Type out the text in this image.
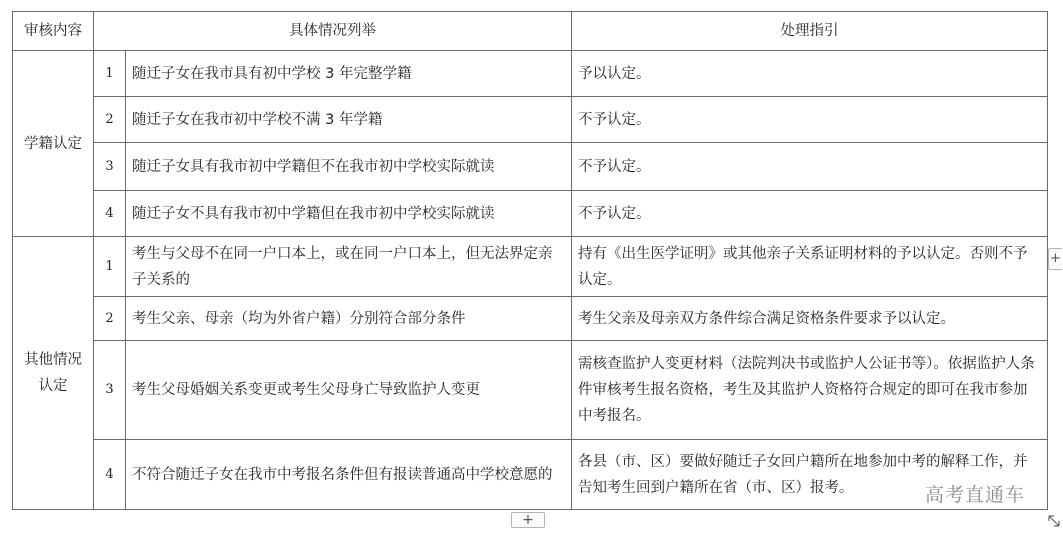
审核内容	具体情况列举		处理指引
学籍认定	1	随迁子女在我市具有初中学校 3 年完整学籍	予以认定。
	2	随迁子女在我市初中学校不满 3 年学籍	不予认定。
	3	随迁子女具有我市初中学籍但不在我市初中学校实际就读	不予认定。
	4	随迁子女不具有我市初中学籍但在我市初中学校实际就读	不予认定。
其他情况认定	1	考生与父母不在同一户口本上，或在同一户口本上，但无法界定亲子关系的	持有《出生医学证明》或其他亲子关系证明材料的予以认定。否则不予认定。
	2	考生父亲、母亲（均为外省户籍）分别符合部分条件	考生父亲及母亲双方条件综合满足资格条件要求予以认定。
	3	考生父母婚姻关系变更或考生父母身亡导致监护人变更	需核查监护人变更材料（法院判决书或监护人公证书等）。依据监护人条件审核考生报名资格，考生及其监护人资格符合规定的即可在我市参加中考报名。
	4	不符合随迁子女在我市中考报名条件但有报读普通高中学校意愿的	各县（市、区）要做好随迁子女回户籍所在地参加中考的解释工作，并告知考生回到户籍所在省（市、区）报考。	高考直通车
+
+
